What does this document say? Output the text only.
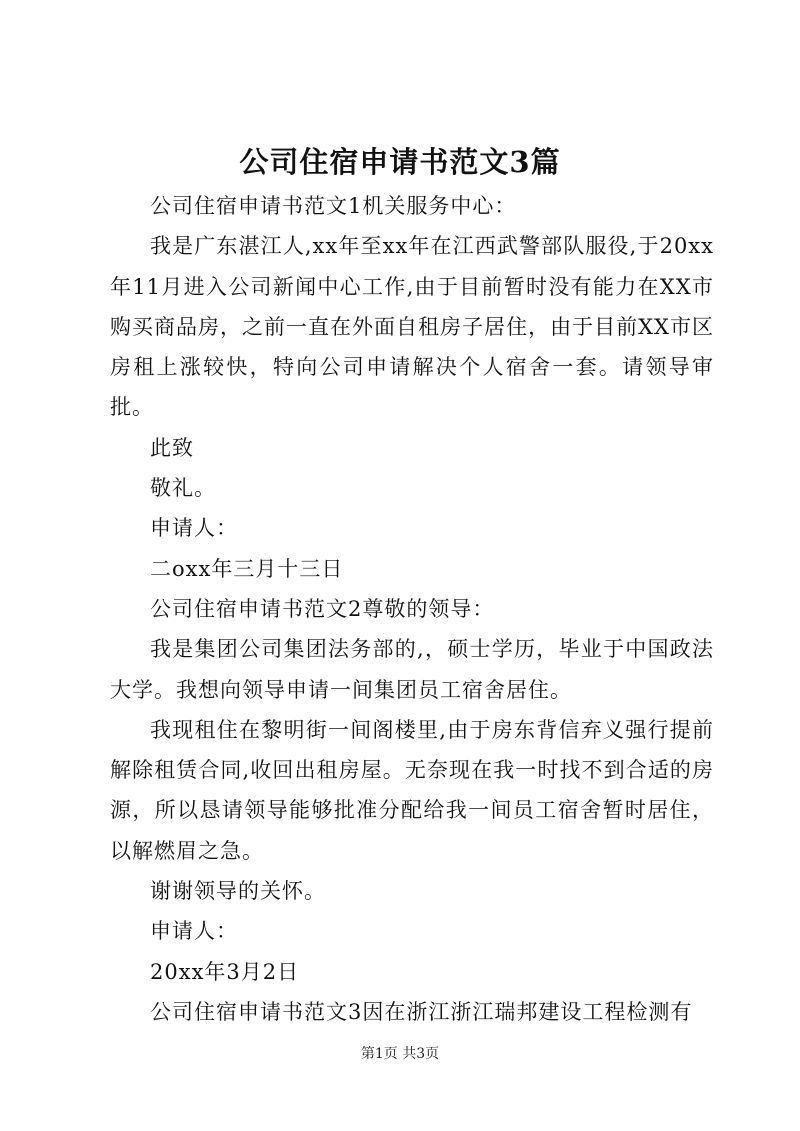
公司住宿申请书范文3篇

公司住宿申请书范文1机关服务中心：

我是广东湛江人,xx年至xx年在江西武警部队服役,于20xx年11月进入公司新闻中心工作,由于目前暂时没有能力在XX市购买商品房，之前一直在外面自租房子居住，由于目前XX市区房租上涨较快，特向公司申请解决个人宿舍一套。请领导审批。

此致

敬礼。

申请人：

二oxx年三月十三日

公司住宿申请书范文2尊敬的领导：

我是集团公司集团法务部的,，硕士学历，毕业于中国政法大学。我想向领导申请一间集团员工宿舍居住。

我现租住在黎明街一间阁楼里,由于房东背信弃义强行提前解除租赁合同,收回出租房屋。无奈现在我一时找不到合适的房源，所以恳请领导能够批准分配给我一间员工宿舍暂时居住，以解燃眉之急。

谢谢领导的关怀。

申请人：

20xx年3月2日

公司住宿申请书范文3因在浙江浙江瑞邦建设工程检测有

第1页 共3页
